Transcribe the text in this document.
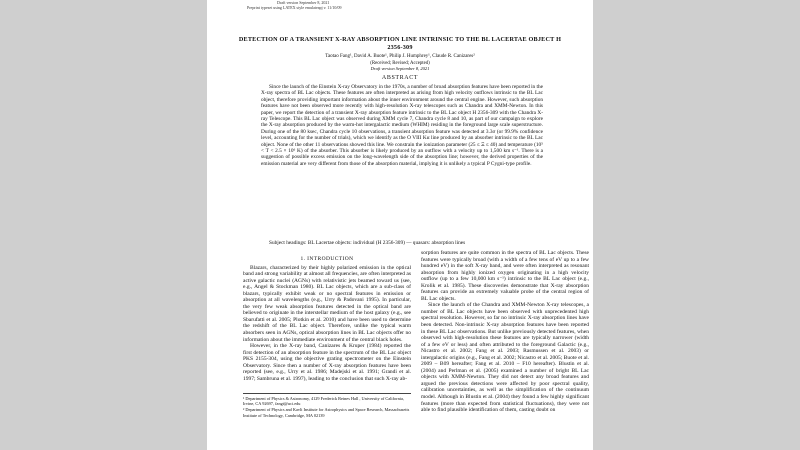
Draft version September 8, 2021
Preprint typeset using LATEX style emulateapj v. 11/10/09
DETECTION OF A TRANSIENT X-RAY ABSORPTION LINE INTRINSIC TO THE BL LACERTAE OBJECT H 2356-309
Taotao Fang¹, David A. Buote¹, Philip J. Humphrey¹, Claude R. Canizares²
(Received; Revised; Accepted)
Draft version September 8, 2021
ABSTRACT
Since the launch of the Einstein X-ray Observatory in the 1970s, a number of broad absorption features have been reported in the X-ray spectra of BL Lac objects. These features are often interpreted as arising from high velocity outflows intrinsic to the BL Lac object, therefore providing important information about the inner environment around the central engine. However, such absorption features have not been observed more recently with high-resolution X-ray telescopes such as Chandra and XMM-Newton. In this paper, we report the detection of a transient X-ray absorption feature intrinsic to the BL Lac object H 2356-309 with the Chandra X-ray Telescope. This BL Lac object was observed during XMM cycle 7, Chandra cycle 8 and 10, as part of our campaign to explore the X-ray absorption produced by the warm-hot intergalactic medium (WHIM) residing in the foreground large scale superstructure. During one of the 80 ksec, Chandra cycle 10 observations, a transient absorption feature was detected at 3.3σ (or 99.9% confidence level, accounting for the number of trials), which we identify as the O VIII Kα line produced by an absorber intrinsic to the BL Lac object. None of the other 11 observations showed this line. We constrain the ionization parameter (25 ≤ Ξ ≤ 40) and temperature (10⁵ < T < 2.5 × 10⁶ K) of the absorber. This absorber is likely produced by an outflow with a velocity up to 1,500 km s⁻¹. There is a suggestion of possible excess emission on the long-wavelength side of the absorption line; however, the derived properties of the emission material are very different from those of the absorption material, implying it is unlikely a typical P Cygni-type profile.
Subject headings: BL Lacertae objects: individual (H 2356-309) — quasars: absorption lines
1. INTRODUCTION

Blazars, characterized by their highly polarized emission in the optical band and strong variability at almost all frequencies, are often interpreted as active galactic nuclei (AGNs) with relativistic jets beamed toward us (see, e.g., Angel & Stockman 1980). BL Lac objects, which are a sub-class of blazars, typically exhibit weak or no spectral features in emission or absorption at all wavelengths (e.g., Urry & Padovani 1995). In particular, the very few weak absorption features detected in the optical band are believed to originate in the interstellar medium of the host galaxy (e.g., see Sbarufatti et al. 2005; Plotkin et al. 2010) and have been used to determine the redshift of the BL Lac object. Therefore, unlike the typical warm absorbers seen in AGNs, optical absorption lines in BL Lac objects offer no information about the immediate environment of the central black holes.

However, in the X-ray band, Canizares & Kruper (1984) reported the first detection of an absorption feature in the spectrum of the BL Lac object PKS 2155-304, using the objective grating spectrometer on the Einstein Observatory. Since then a number of X-ray absorption features have been reported (see, e.g., Urry et al. 1986; Madejski et al. 1991; Grandi et al. 1997; Sambruna et al. 1997), leading to the conclusion that such X-ray ab-

sorption features are quite common in the spectra of BL Lac objects. These features were typically broad (with a width of a few tens of eV up to a few hundred eV) in the soft X-ray band, and were often interpreted as resonant absorption from highly ionized oxygen originating in a high velocity outflow (up to a few 10,000 km s⁻¹) intrinsic to the BL Lac object (e.g., Krolik et al. 1985). These discoveries demonstrate that X-ray absorption features can provide an extremely valuable probe of the central region of BL Lac objects.

Since the launch of the Chandra and XMM-Newton X-ray telescopes, a number of BL Lac objects have been observed with unprecedented high spectral resolution. However, so far no intrinsic X-ray absorption lines have been detected. Non-intrinsic X-ray absorption features have been reported in these BL Lac observations. But unlike previously detected features, when observed with high-resolution these features are typically narrower (width of a few eV or less) and often attributed to the foreground Galactic (e.g., Nicastro et al. 2002; Fang et al. 2003; Rasmussen et al. 2003) or intergalactic origins (e.g., Fang et al. 2002; Nicastro et al. 2005; Buote et al. 2009 – B09 hereafter; Fang et al. 2010 – F10 hereafter). Blustin et al. (2004) and Perlman et al. (2005) examined a number of bright BL Lac objects with XMM-Newton. They did not detect any broad features and argued the previous detections were affected by poor spectral quality, calibration uncertainties, as well as the simplification of the continuum model. Although in Blustin et al. (2004) they found a few highly significant features (more than expected from statistical fluctuations), they were not able to find plausible identification of them, casting doubt on

¹ Department of Physics & Astronomy, 4129 Frederick Reines Hall , University of California, Irvine, CA 92697, fangt@uci.edu
² Department of Physics and Kavli Institute for Astrophysics and Space Research, Massachusetts Institute of Technology, Cambridge, MA 02139
